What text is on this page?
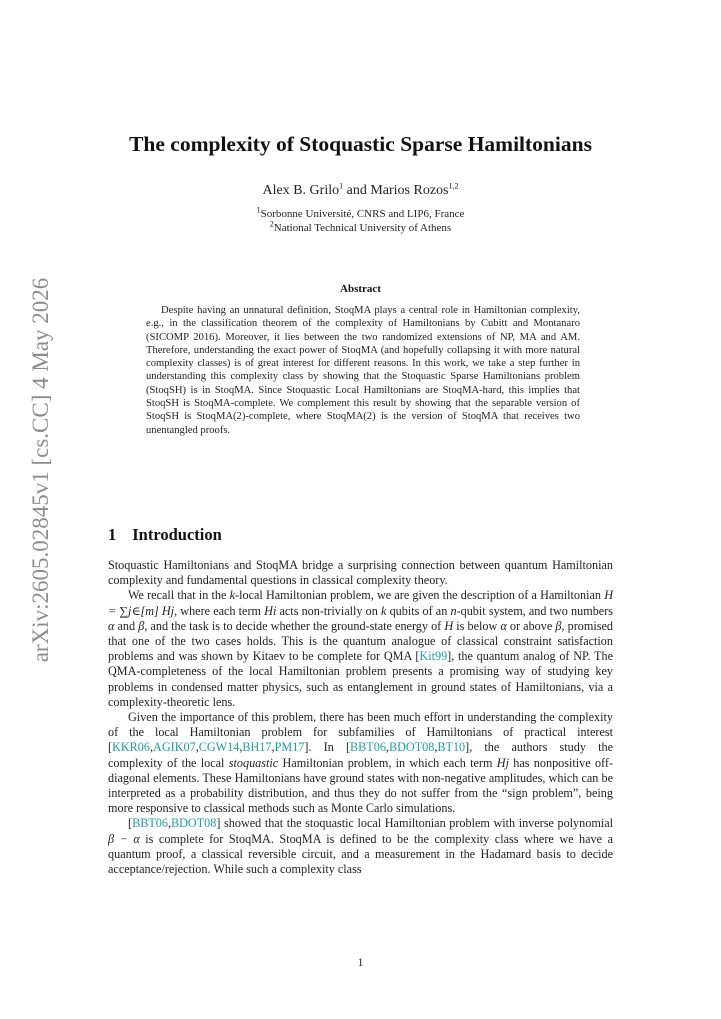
arXiv:2605.02845v1 [cs.CC] 4 May 2026
The complexity of Stoquastic Sparse Hamiltonians
Alex B. Grilo$^1$ and Marios Rozos$^{1,2}$
$^1$Sorbonne Université, CNRS and LIP6, France
$^2$National Technical University of Athens
Abstract

Despite having an unnatural definition, StoqMA plays a central role in Hamiltonian complexity, e.g., in the classification theorem of the complexity of Hamiltonians by Cubitt and Montanaro (SICOMP 2016). Moreover, it lies between the two randomized extensions of NP, MA and AM. Therefore, understanding the exact power of StoqMA (and hopefully collapsing it with more natural complexity classes) is of great interest for different reasons. In this work, we take a step further in understanding this complexity class by showing that the Stoquastic Sparse Hamiltonians problem (StoqSH) is in StoqMA. Since Stoquastic Local Hamiltonians are StoqMA-hard, this implies that StoqSH is StoqMA-complete. We complement this result by showing that the separable version of StoqSH is StoqMA(2)-complete, where StoqMA(2) is the version of StoqMA that receives two unentangled proofs.

1 Introduction

Stoquastic Hamiltonians and StoqMA bridge a surprising connection between quantum Hamiltonian complexity and fundamental questions in classical complexity theory.

We recall that in the k-local Hamiltonian problem, we are given the description of a Hamiltonian H = ∑j∈[m] Hj, where each term Hi acts non-trivially on k qubits of an n-qubit system, and two numbers α and β, and the task is to decide whether the ground-state energy of H is below α or above β, promised that one of the two cases holds. This is the quantum analogue of classical constraint satisfaction problems and was shown by Kitaev to be complete for QMA [Kit99], the quantum analog of NP. The QMA-completeness of the local Hamiltonian problem presents a promising way of studying key problems in condensed matter physics, such as entanglement in ground states of Hamiltonians, via a complexity-theoretic lens.

Given the importance of this problem, there has been much effort in understanding the complexity of the local Hamiltonian problem for subfamilies of Hamiltonians of practical interest [KKR06,AGIK07,CGW14,BH17,PM17]. In [BBT06,BDOT08,BT10], the authors study the complexity of the local stoquastic Hamiltonian problem, in which each term Hj has nonpositive off-diagonal elements. These Hamiltonians have ground states with non-negative amplitudes, which can be interpreted as a probability distribution, and thus they do not suffer from the “sign problem”, being more responsive to classical methods such as Monte Carlo simulations.

[BBT06,BDOT08] showed that the stoquastic local Hamiltonian problem with inverse polynomial β − α is complete for StoqMA. StoqMA is defined to be the complexity class where we have a quantum proof, a classical reversible circuit, and a measurement in the Hadamard basis to decide acceptance/rejection. While such a complexity class

1
